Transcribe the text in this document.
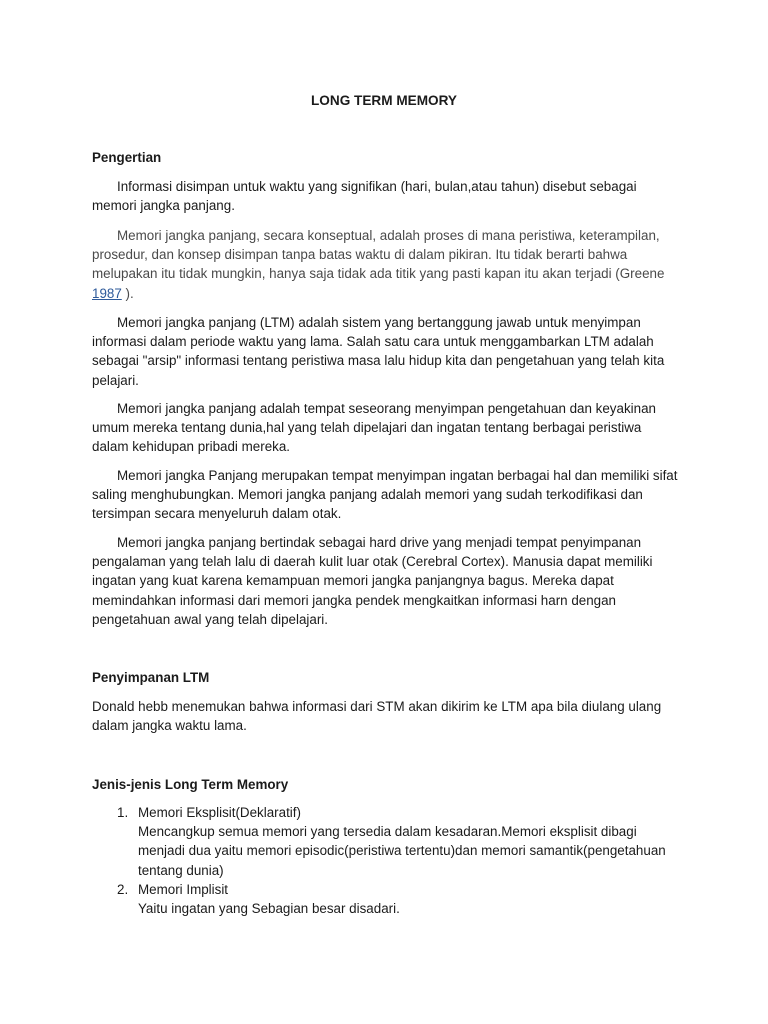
LONG TERM MEMORY
Pengertian

Informasi disimpan untuk waktu yang signifikan (hari, bulan,atau tahun) disebut sebagai memori jangka panjang.

Memori jangka panjang, secara konseptual, adalah proses di mana peristiwa, keterampilan, prosedur, dan konsep disimpan tanpa batas waktu di dalam pikiran. Itu tidak berarti bahwa melupakan itu tidak mungkin, hanya saja tidak ada titik yang pasti kapan itu akan terjadi (Greene 1987 ).

Memori jangka panjang (LTM) adalah sistem yang bertanggung jawab untuk menyimpan informasi dalam periode waktu yang lama. Salah satu cara untuk menggambarkan LTM adalah sebagai "arsip" informasi tentang peristiwa masa lalu hidup kita dan pengetahuan yang telah kita pelajari.

Memori jangka panjang adalah tempat seseorang menyimpan pengetahuan dan keyakinan umum mereka tentang dunia,hal yang telah dipelajari dan ingatan tentang berbagai peristiwa dalam kehidupan pribadi mereka.

Memori jangka Panjang merupakan tempat menyimpan ingatan berbagai hal dan memiliki sifat saling menghubungkan. Memori jangka panjang adalah memori yang sudah terkodifikasi dan tersimpan secara menyeluruh dalam otak.

Memori jangka panjang bertindak sebagai hard drive yang menjadi tempat penyimpanan pengalaman yang telah lalu di daerah kulit luar otak (Cerebral Cortex). Manusia dapat memiliki ingatan yang kuat karena kemampuan memori jangka panjangnya bagus. Mereka dapat memindahkan informasi dari memori jangka pendek mengkaitkan informasi harn dengan pengetahuan awal yang telah dipelajari.

Penyimpanan LTM

Donald hebb menemukan bahwa informasi dari STM akan dikirim ke LTM apa bila diulang ulang dalam jangka waktu lama.

Jenis-jenis Long Term Memory
1. Memori Eksplisit(Deklaratif)
Mencangkup semua memori yang tersedia dalam kesadaran.Memori eksplisit dibagi menjadi dua yaitu memori episodic(peristiwa tertentu)dan memori samantik(pengetahuan tentang dunia)
2. Memori Implisit
Yaitu ingatan yang Sebagian besar disadari.
